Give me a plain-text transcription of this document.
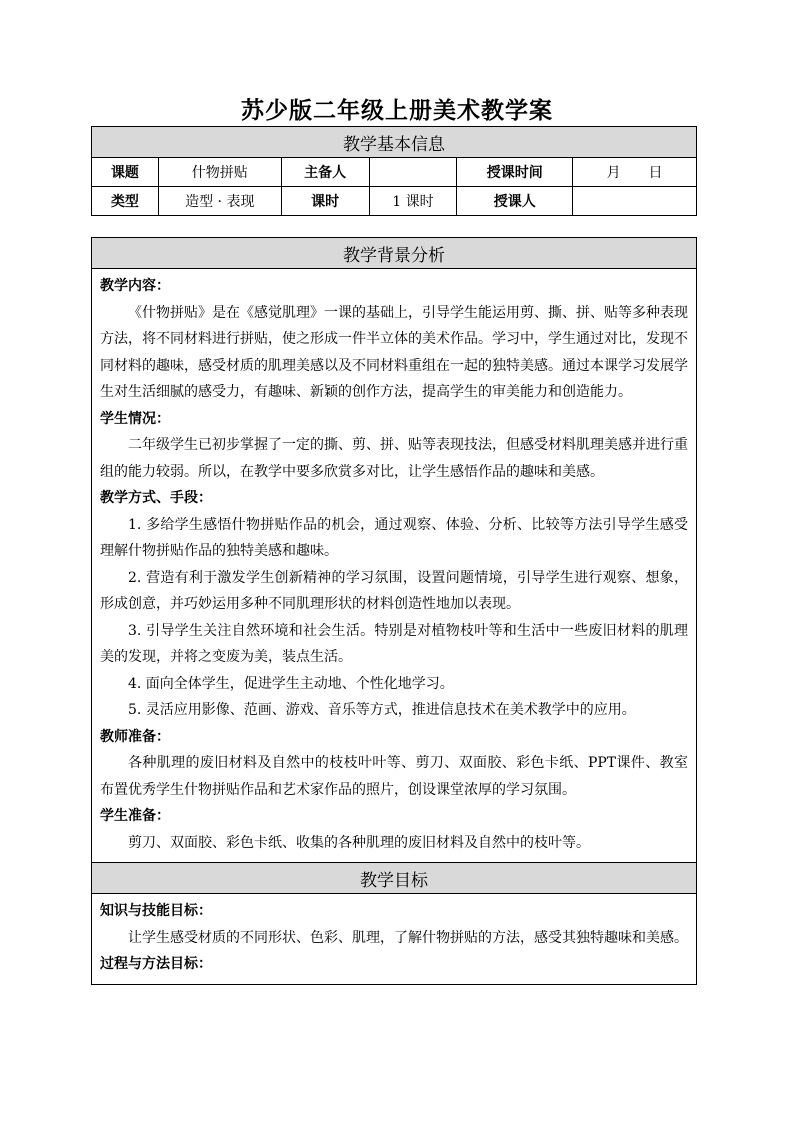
苏少版二年级上册美术教学案
教学基本信息					
课题	什物拼贴	主备人		授课时间	月　　日
类型	造型 · 表现	课时	1 课时	授课人	
教学背景分析

教学内容：
《什物拼贴》是在《感觉肌理》一课的基础上，引导学生能运用剪、撕、拼、贴等多种表现方法，将不同材料进行拼贴，使之形成一件半立体的美术作品。学习中，学生通过对比，发现不同材料的趣味，感受材质的肌理美感以及不同材料重组在一起的独特美感。通过本课学习发展学生对生活细腻的感受力，有趣味、新颖的创作方法，提高学生的审美能力和创造能力。
学生情况：
二年级学生已初步掌握了一定的撕、剪、拼、贴等表现技法，但感受材料肌理美感并进行重组的能力较弱。所以，在教学中要多欣赏多对比，让学生感悟作品的趣味和美感。
教学方式、手段：
1. 多给学生感悟什物拼贴作品的机会，通过观察、体验、分析、比较等方法引导学生感受理解什物拼贴作品的独特美感和趣味。
2. 营造有利于激发学生创新精神的学习氛围，设置问题情境，引导学生进行观察、想象，形成创意，并巧妙运用多种不同肌理形状的材料创造性地加以表现。
3. 引导学生关注自然环境和社会生活。特别是对植物枝叶等和生活中一些废旧材料的肌理美的发现，并将之变废为美，装点生活。
4. 面向全体学生，促进学生主动地、个性化地学习。
5. 灵活应用影像、范画、游戏、音乐等方式，推进信息技术在美术教学中的应用。
教师准备：
各种肌理的废旧材料及自然中的枝枝叶叶等、剪刀、双面胶、彩色卡纸、PPT课件、教室布置优秀学生什物拼贴作品和艺术家作品的照片，创设课堂浓厚的学习氛围。
学生准备：
剪刀、双面胶、彩色卡纸、收集的各种肌理的废旧材料及自然中的枝叶等。

教学目标

知识与技能目标：
让学生感受材质的不同形状、色彩、肌理，了解什物拼贴的方法，感受其独特趣味和美感。
过程与方法目标：
